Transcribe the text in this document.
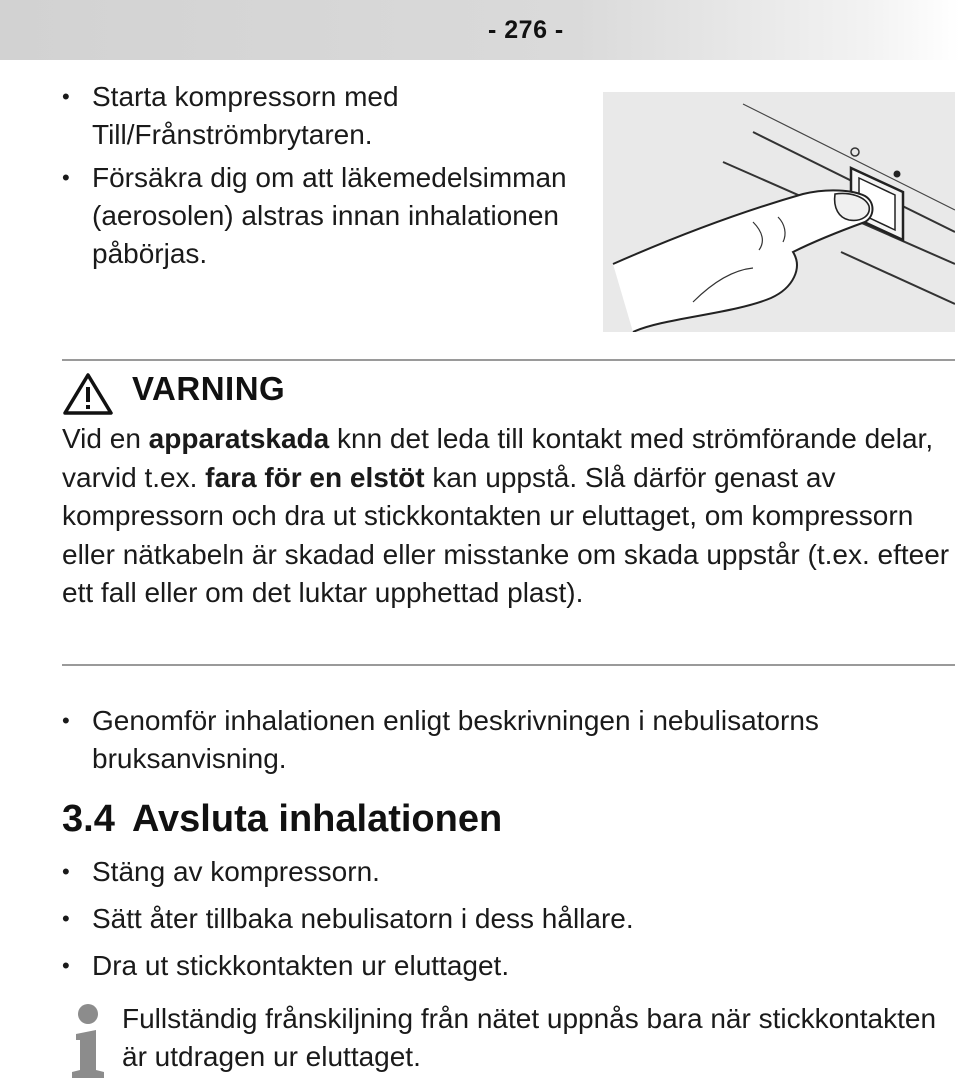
- 276 -
• Starta kompressorn med Till/Frånströmbrytaren.
• Försäkra dig om att läkemedelsimman (aerosolen) alstras innan inhalationen påbörjas.
VARNING

Vid en apparatskada knn det leda till kontakt med strömförande delar, varvid t.ex. fara för en elstöt kan uppstå. Slå därför genast av kompressorn och dra ut stickkontakten ur eluttaget, om kompressorn eller nätkabeln är skadad eller misstanke om skada uppstår (t.ex. efteer ett fall eller om det luktar upphettad plast).

• Genomför inhalationen enligt beskrivningen i nebulisatorns bruksanvisning.
3.4 Avsluta inhalationen
• Stäng av kompressorn.
• Sätt åter tillbaka nebulisatorn i dess hållare.
• Dra ut stickkontakten ur eluttaget.

Fullständig frånskiljning från nätet uppnås bara när stickkontakten är utdragen ur eluttaget.
